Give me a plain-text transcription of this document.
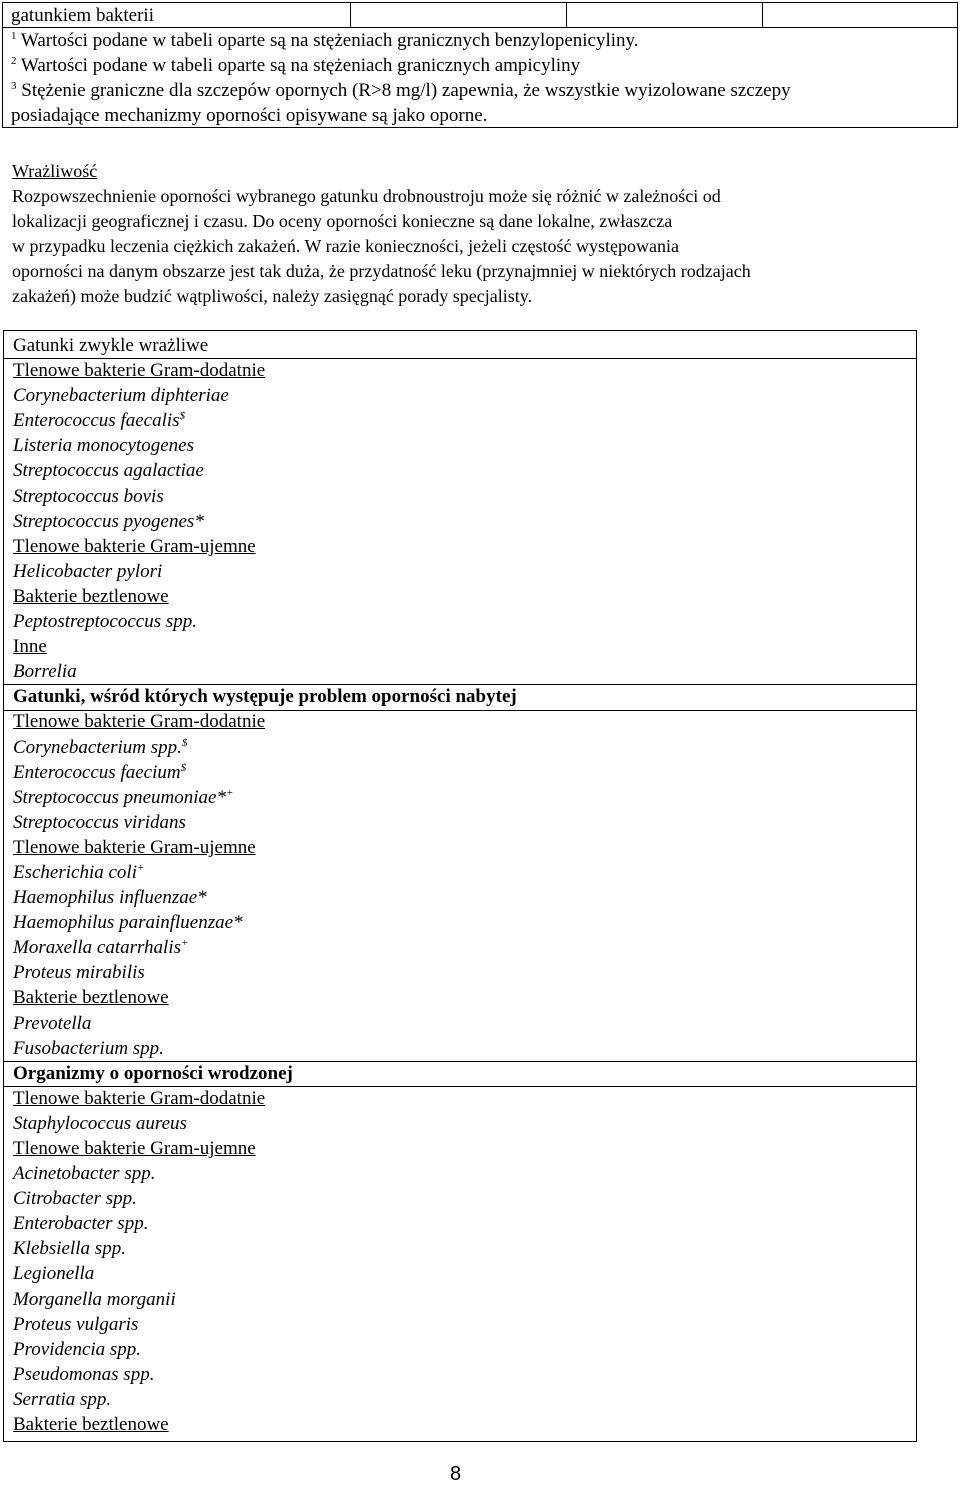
gatunkiem bakterii
$^1$ Wartości podane w tabeli oparte są na stężeniach granicznych benzylopenicyliny.
$^2$ Wartości podane w tabeli oparte są na stężeniach granicznych ampicyliny
$^3$ Stężenie graniczne dla szczepów opornych (R>8 mg/l) zapewnia, że wszystkie wyizolowane szczepy
posiadające mechanizmy oporności opisywane są jako oporne.
Wrażliwość
Rozpowszechnienie oporności wybranego gatunku drobnoustroju może się różnić w zależności od
lokalizacji geograficznej i czasu. Do oceny oporności konieczne są dane lokalne, zwłaszcza
w przypadku leczenia ciężkich zakażeń. W razie konieczności, jeżeli częstość występowania
oporności na danym obszarze jest tak duża, że przydatność leku (przynajmniej w niektórych rodzajach
zakażeń) może budzić wątpliwości, należy zasięgnąć porady specjalisty.
Gatunki zwykle wrażliwe
Tlenowe bakterie Gram-dodatnie
Corynebacterium diphteriae
Enterococcus faecalis$
Listeria monocytogenes
Streptococcus agalactiae
Streptococcus bovis
Streptococcus pyogenes*
Tlenowe bakterie Gram-ujemne
Helicobacter pylori
Bakterie beztlenowe
Peptostreptococcus spp.
Inne
Borrelia
Gatunki, wśród których występuje problem oporności nabytej
Tlenowe bakterie Gram-dodatnie
Corynebacterium spp.$
Enterococcus faecium$
Streptococcus pneumoniae*+
Streptococcus viridans
Tlenowe bakterie Gram-ujemne
Escherichia coli+
Haemophilus influenzae*
Haemophilus parainfluenzae*
Moraxella catarrhalis+
Proteus mirabilis
Bakterie beztlenowe
Prevotella
Fusobacterium spp.
Organizmy o oporności wrodzonej
Tlenowe bakterie Gram-dodatnie
Staphylococcus aureus
Tlenowe bakterie Gram-ujemne
Acinetobacter spp.
Citrobacter spp.
Enterobacter spp.
Klebsiella spp.
Legionella
Morganella morganii
Proteus vulgaris
Providencia spp.
Pseudomonas spp.
Serratia spp.
Bakterie beztlenowe
8
